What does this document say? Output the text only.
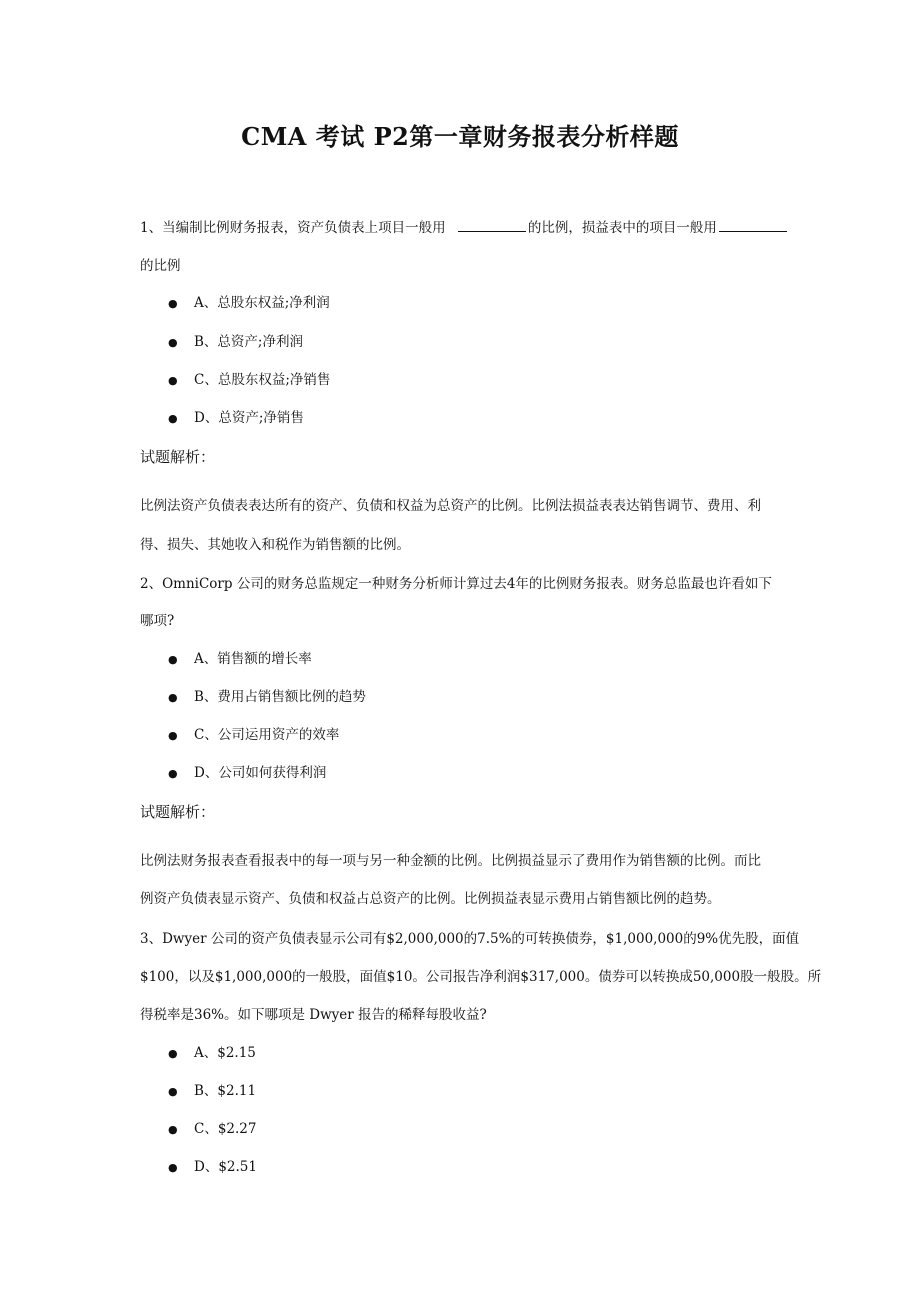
CMA 考试 P2第一章财务报表分析样题
1、当编制比例财务报表，资产负债表上项目一般用	的比例，损益表中的项目一般用
的比例
● A、总股东权益;净利润
● B、总资产;净利润
● C、总股东权益;净销售
● D、总资产;净销售
试题解析：
比例法资产负债表表达所有的资产、负债和权益为总资产的比例。比例法损益表表达销售调节、费用、利
得、损失、其她收入和税作为销售额的比例。
2、OmniCorp 公司的财务总监规定一种财务分析师计算过去4年的比例财务报表。财务总监最也许看如下
哪项?
● A、销售额的增长率
● B、费用占销售额比例的趋势
● C、公司运用资产的效率
● D、公司如何获得利润
试题解析：
比例法财务报表查看报表中的每一项与另一种金额的比例。比例损益显示了费用作为销售额的比例。而比
例资产负债表显示资产、负债和权益占总资产的比例。比例损益表显示费用占销售额比例的趋势。
3、Dwyer 公司的资产负债表显示公司有$2,000,000的7.5%的可转换债券，$1,000,000的9%优先股，面值
$100，以及$1,000,000的一般股，面值$10。公司报告净利润$317,000。债券可以转换成50,000股一般股。所
得税率是36%。如下哪项是 Dwyer 报告的稀释每股收益?
● A、$2.15
● B、$2.11
● C、$2.27
● D、$2.51
